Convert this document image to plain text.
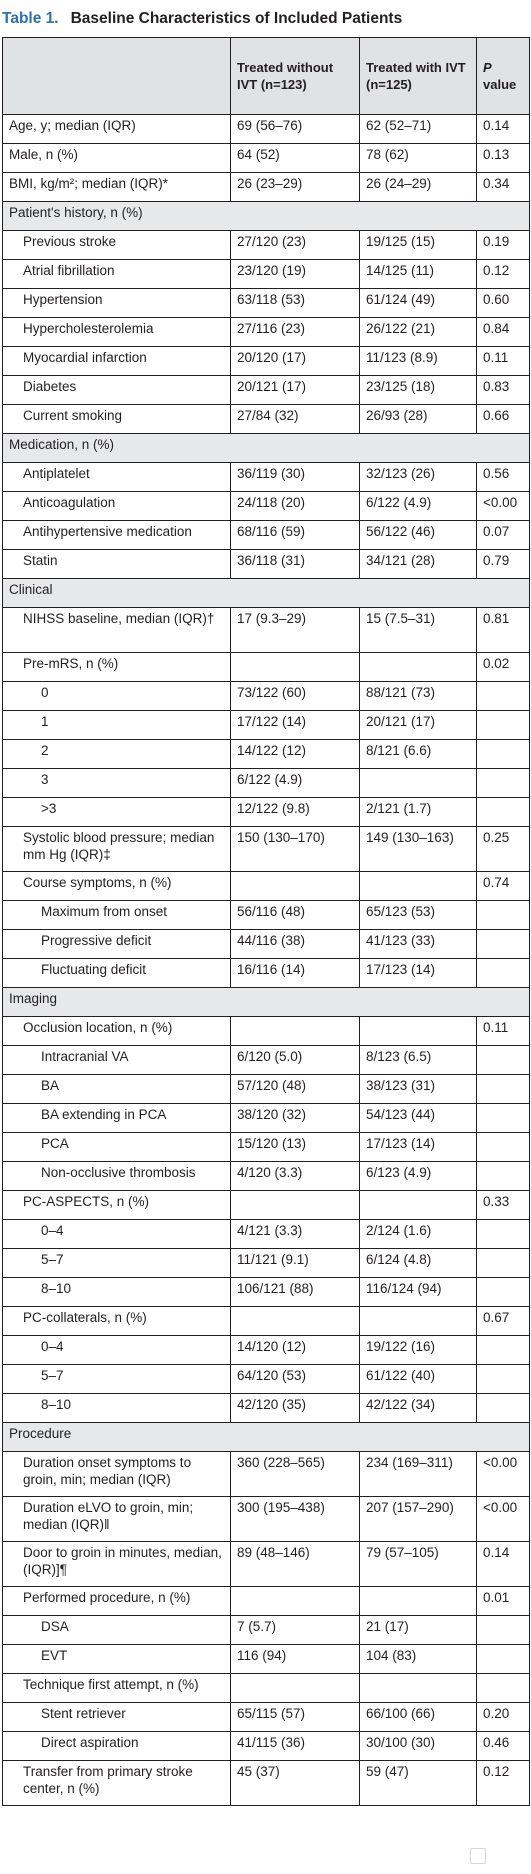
Table 1. Baseline Characteristics of Included Patients
	Treated without IVT (n=123)	Treated with IVT (n=125)	P
value
Age, y; median (IQR)	69 (56–76)	62 (52–71)	0.14
Male, n (%)	64 (52)	78 (62)	0.13
BMI, kg/m²; median (IQR)*	26 (23–29)	26 (24–29)	0.34
Patient's history, n (%)			
Previous stroke	27/120 (23)	19/125 (15)	0.19
Atrial fibrillation	23/120 (19)	14/125 (11)	0.12
Hypertension	63/118 (53)	61/124 (49)	0.60
Hypercholesterolemia	27/116 (23)	26/122 (21)	0.84
Myocardial infarction	20/120 (17)	11/123 (8.9)	0.11
Diabetes	20/121 (17)	23/125 (18)	0.83
Current smoking	27/84 (32)	26/93 (28)	0.66
Medication, n (%)			
Antiplatelet	36/119 (30)	32/123 (26)	0.56
Anticoagulation	24/118 (20)	6/122 (4.9)	<0.00
Antihypertensive medication	68/116 (59)	56/122 (46)	0.07
Statin	36/118 (31)	34/121 (28)	0.79
Clinical			
NIHSS baseline, median (IQR)†	17 (9.3–29)	15 (7.5–31)	0.81
Pre-mRS, n (%)			0.02
0	73/122 (60)	88/121 (73)	
1	17/122 (14)	20/121 (17)	
2	14/122 (12)	8/121 (6.6)	
3	6/122 (4.9)		
>3	12/122 (9.8)	2/121 (1.7)	
Systolic blood pressure; median mm Hg (IQR)‡	150 (130–170)	149 (130–163)	0.25
Course symptoms, n (%)			0.74
Maximum from onset	56/116 (48)	65/123 (53)	
Progressive deficit	44/116 (38)	41/123 (33)	
Fluctuating deficit	16/116 (14)	17/123 (14)	
Imaging			
Occlusion location, n (%)			0.11
Intracranial VA	6/120 (5.0)	8/123 (6.5)	
BA	57/120 (48)	38/123 (31)	
BA extending in PCA	38/120 (32)	54/123 (44)	
PCA	15/120 (13)	17/123 (14)	
Non-occlusive thrombosis	4/120 (3.3)	6/123 (4.9)	
PC-ASPECTS, n (%)			0.33
0–4	4/121 (3.3)	2/124 (1.6)	
5–7	11/121 (9.1)	6/124 (4.8)	
8–10	106/121 (88)	116/124 (94)	
PC-collaterals, n (%)			0.67
0–4	14/120 (12)	19/122 (16)	
5–7	64/120 (53)	61/122 (40)	
8–10	42/120 (35)	42/122 (34)	
Procedure			
Duration onset symptoms to groin, min; median (IQR)	360 (228–565)	234 (169–311)	<0.00
Duration eLVO to groin, min; median (IQR)‖	300 (195–438)	207 (157–290)	<0.00
Door to groin in minutes, median, (IQR)]¶	89 (48–146)	79 (57–105)	0.14
Performed procedure, n (%)			0.01
DSA	7 (5.7)	21 (17)	
EVT	116 (94)	104 (83)	
Technique first attempt, n (%)			
Stent retriever	65/115 (57)	66/100 (66)	0.20
Direct aspiration	41/115 (36)	30/100 (30)	0.46
Transfer from primary stroke center, n (%)	45 (37)	59 (47)	0.12
